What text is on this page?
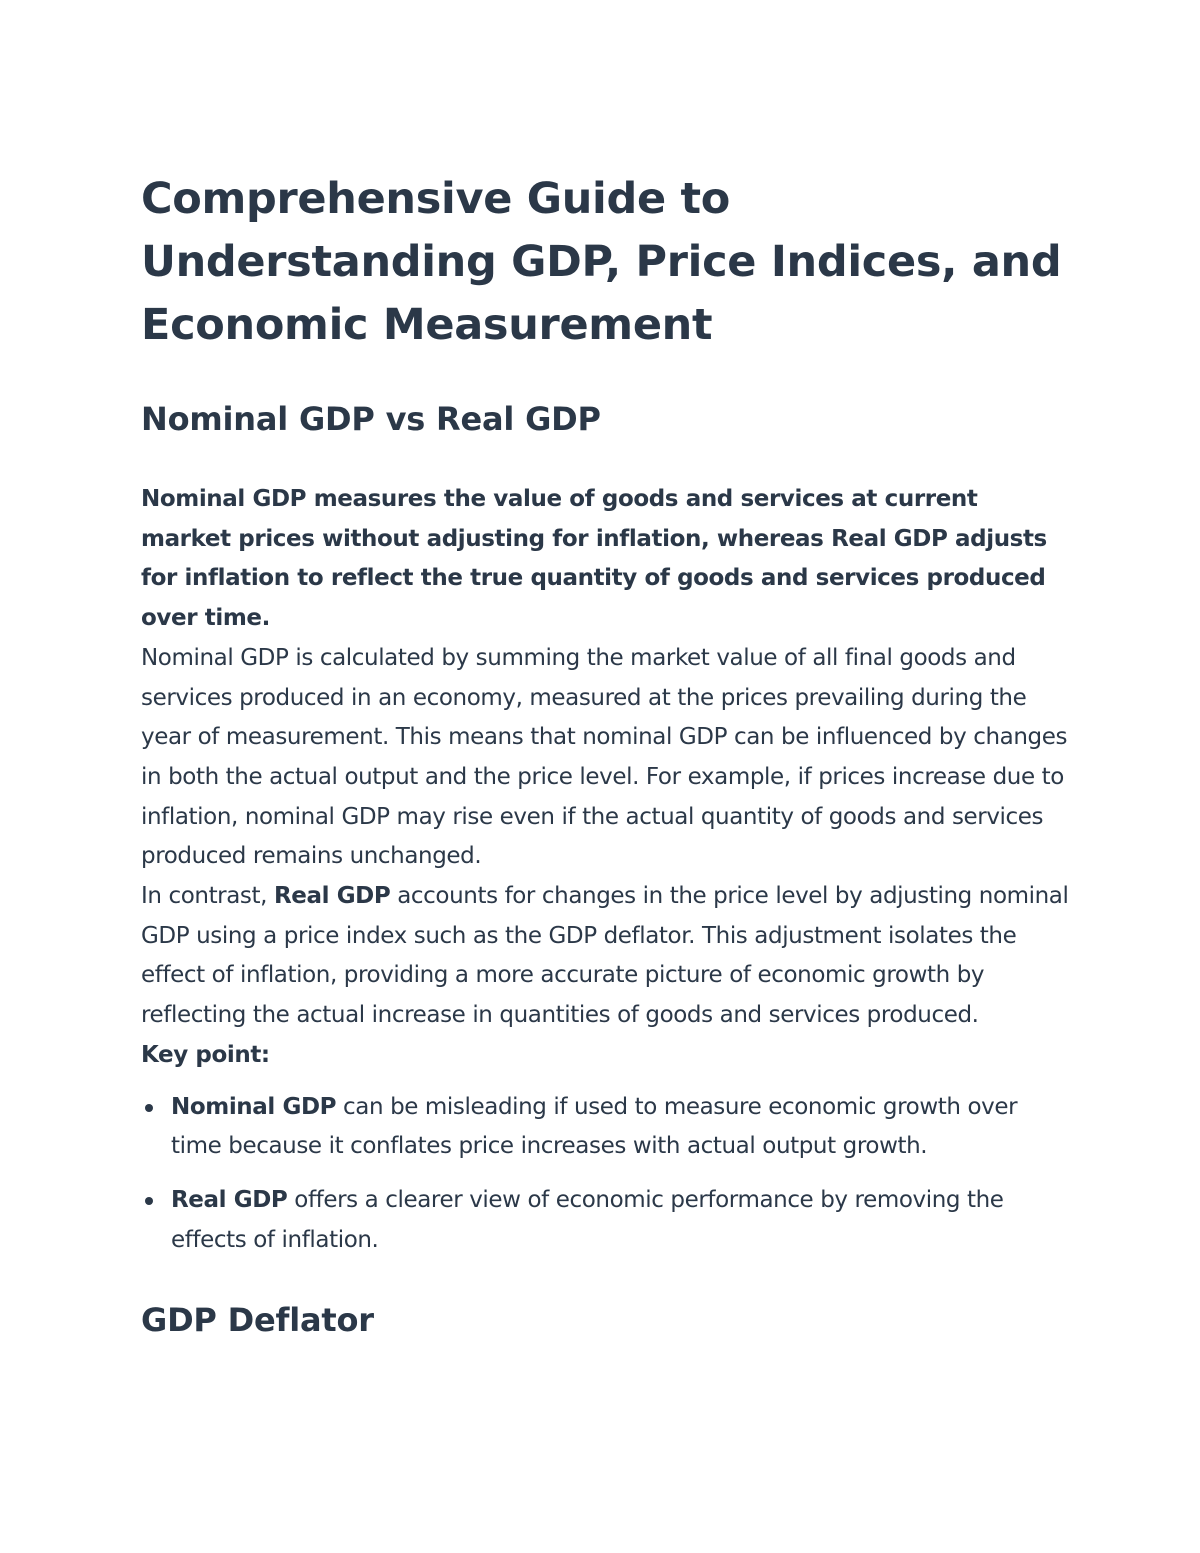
Comprehensive Guide to Understanding GDP, Price Indices, and Economic Measurement
Nominal GDP vs Real GDP

Nominal GDP measures the value of goods and services at current market prices without adjusting for inflation, whereas Real GDP adjusts for inflation to reflect the true quantity of goods and services produced over time.

Nominal GDP is calculated by summing the market value of all final goods and services produced in an economy, measured at the prices prevailing during the year of measurement. This means that nominal GDP can be influenced by changes in both the actual output and the price level. For example, if prices increase due to inflation, nominal GDP may rise even if the actual quantity of goods and services produced remains unchanged.

In contrast, Real GDP accounts for changes in the price level by adjusting nominal GDP using a price index such as the GDP deflator. This adjustment isolates the effect of inflation, providing a more accurate picture of economic growth by reflecting the actual increase in quantities of goods and services produced.

Key point:

Nominal GDP can be misleading if used to measure economic growth over time because it conflates price increases with actual output growth.
Real GDP offers a clearer view of economic performance by removing the effects of inflation.
GDP Deflator
